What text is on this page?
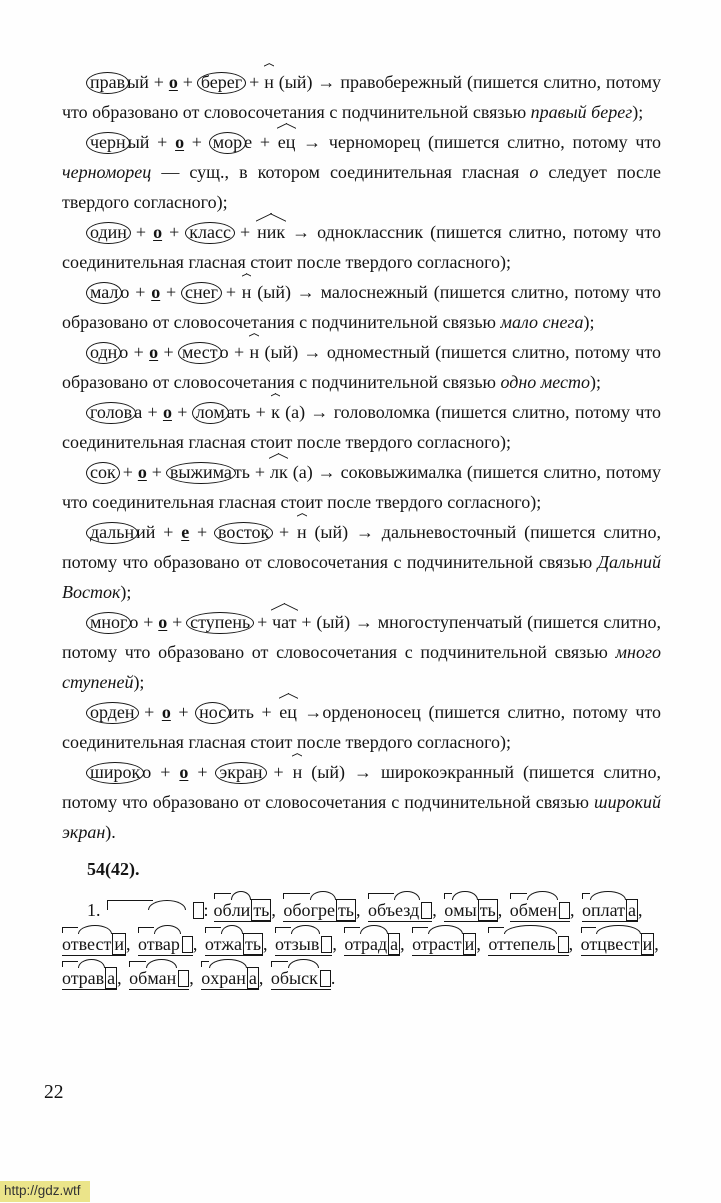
прав ый + о + берег + н (ый) → правобережный (пишется слитно, потому что образовано от словосочетания с подчинительной связью правый берег);

черн ый + о + мор е + ец → черноморец (пишется слитно, потому что черноморец — сущ., в котором соединительная гласная о следует после твердого согласного);

один + о + класс + ник → одноклассник (пишется слитно, потому что соединительная гласная стоит после твердого согласного);

мал о + о + снег + н (ый) → малоснежный (пишется слитно, потому что образовано от словосочетания с подчинительной связью мало снега);

одн о + о + мест о + н (ый) → одноместный (пишется слитно, потому что образовано от словосочетания с подчинительной связью одно место);

голов а + о + лом ать + к (а) → головоломка (пишется слитно, потому что соединительная гласная стоит после твердого согласного);

сок + о + выжима ть + лк (а) → соковыжималка (пишется слитно, потому что соединительная гласная стоит после твердого согласного);

дальн ий + е + восток + н (ый) → дальневосточный (пишется слитно, потому что образовано от словосочетания с подчинительной связью Дальний Восток);

мног о + о + ступень + чат + (ый) → многоступенчатый (пишется слитно, потому что образовано от словосочетания с подчинительной связью много ступеней);

орден + о + нос ить + ец →орденоносец (пишется слитно, потому что соединительная гласная стоит после твердого согласного);

широк о + о + экран + н (ый) → широкоэкранный (пишется слитно, потому что образовано от словосочетания с подчинительной связью широкий экран).

54(42).

1.	: обли ть , обогре ть , объезд , омы ть , обмен , оплат а , отвест и , отвар , отжа ть , отзыв , отрад а , отраст и , оттепель , отцвест и , отрав а , обман , охран а , обыск .
22
http://gdz.wtf
